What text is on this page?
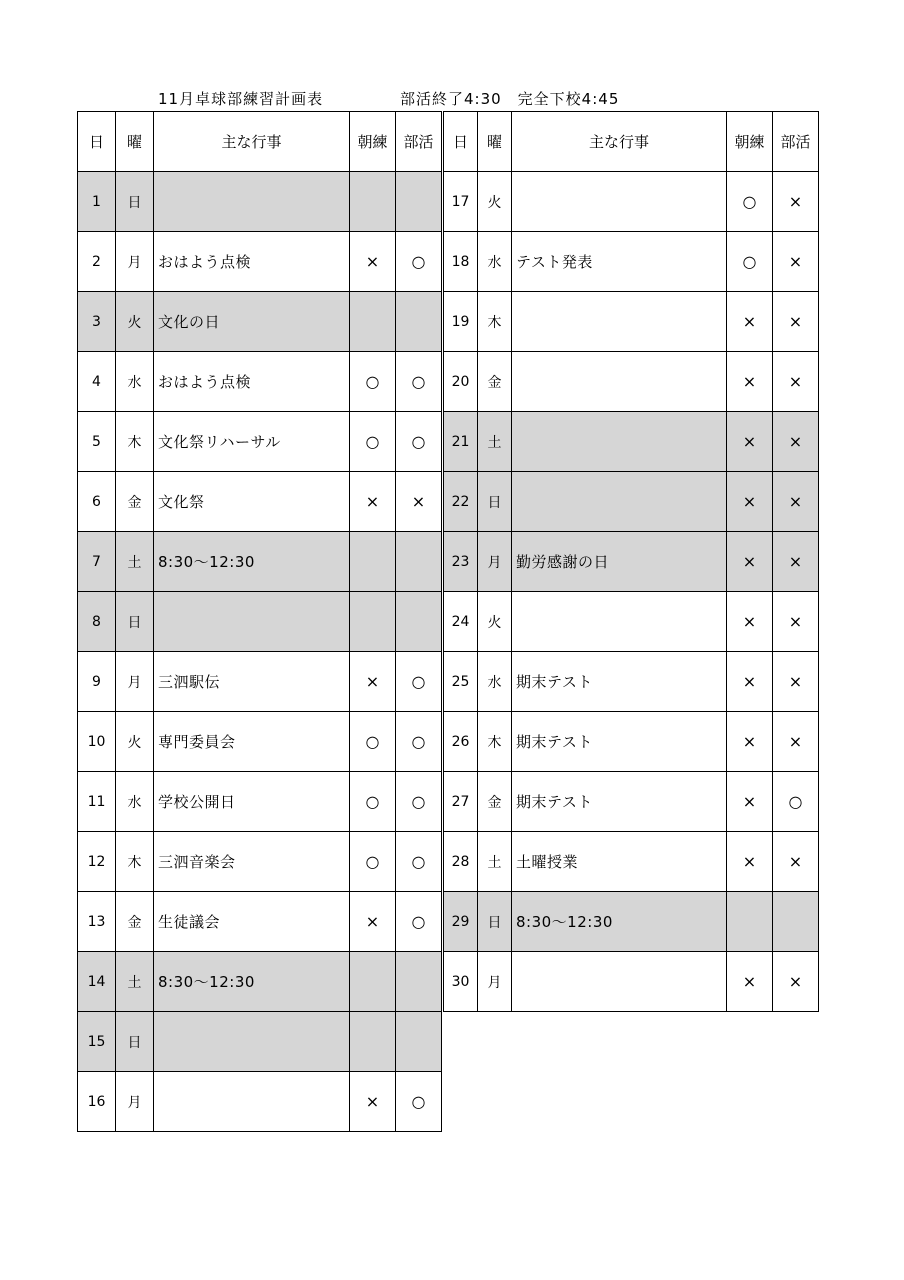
11月卓球部練習計画表	部活終了4:30　完全下校4:45
日	曜	主な行事	朝練	部活
1	日			
2	月	おはよう点検	×	○
3	火	文化の日		
4	水	おはよう点検	○	○
5	木	文化祭リハーサル	○	○
6	金	文化祭	×	×
7	土	8:30～12:30		
8	日			
9	月	三泗駅伝	×	○
10	火	専門委員会	○	○
11	水	学校公開日	○	○
12	木	三泗音楽会	○	○
13	金	生徒議会	×	○
14	土	8:30～12:30		
15	日			
16	月		×	○
日	曜	主な行事	朝練	部活
17	火		○	×
18	水	テスト発表	○	×
19	木		×	×
20	金		×	×
21	土		×	×
22	日		×	×
23	月	勤労感謝の日	×	×
24	火		×	×
25	水	期末テスト	×	×
26	木	期末テスト	×	×
27	金	期末テスト	×	○
28	土	土曜授業	×	×
29	日	8:30～12:30		
30	月		×	×
